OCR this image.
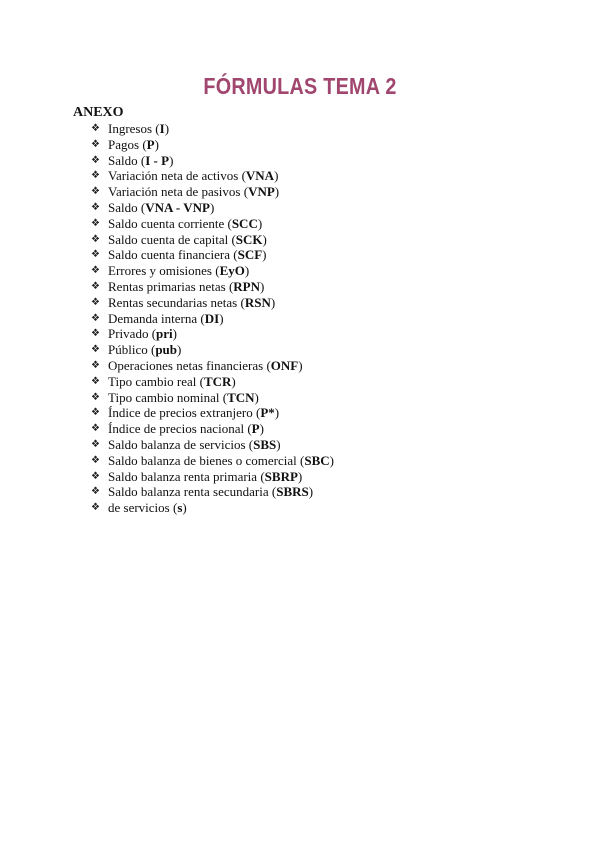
FÓRMULAS TEMA 2
ANEXO
❖ Ingresos ( I )
❖ Pagos ( P )
❖ Saldo ( I - P )
❖ Variación neta de activos ( VNA )
❖ Variación neta de pasivos ( VNP )
❖ Saldo ( VNA - VNP )
❖ Saldo cuenta corriente ( SCC )
❖ Saldo cuenta de capital ( SCK )
❖ Saldo cuenta financiera ( SCF )
❖ Errores y omisiones ( EyO )
❖ Rentas primarias netas ( RPN )
❖ Rentas secundarias netas ( RSN )
❖ Demanda interna ( DI )
❖ Privado ( pri )
❖ Público ( pub )
❖ Operaciones netas financieras ( ONF )
❖ Tipo cambio real ( TCR )
❖ Tipo cambio nominal ( TCN )
❖ Índice de precios extranjero ( P* )
❖ Índice de precios nacional ( P )
❖ Saldo balanza de servicios ( SBS )
❖ Saldo balanza de bienes o comercial ( SBC )
❖ Saldo balanza renta primaria ( SBRP )
❖ Saldo balanza renta secundaria ( SBRS )
❖ de servicios ( s )
